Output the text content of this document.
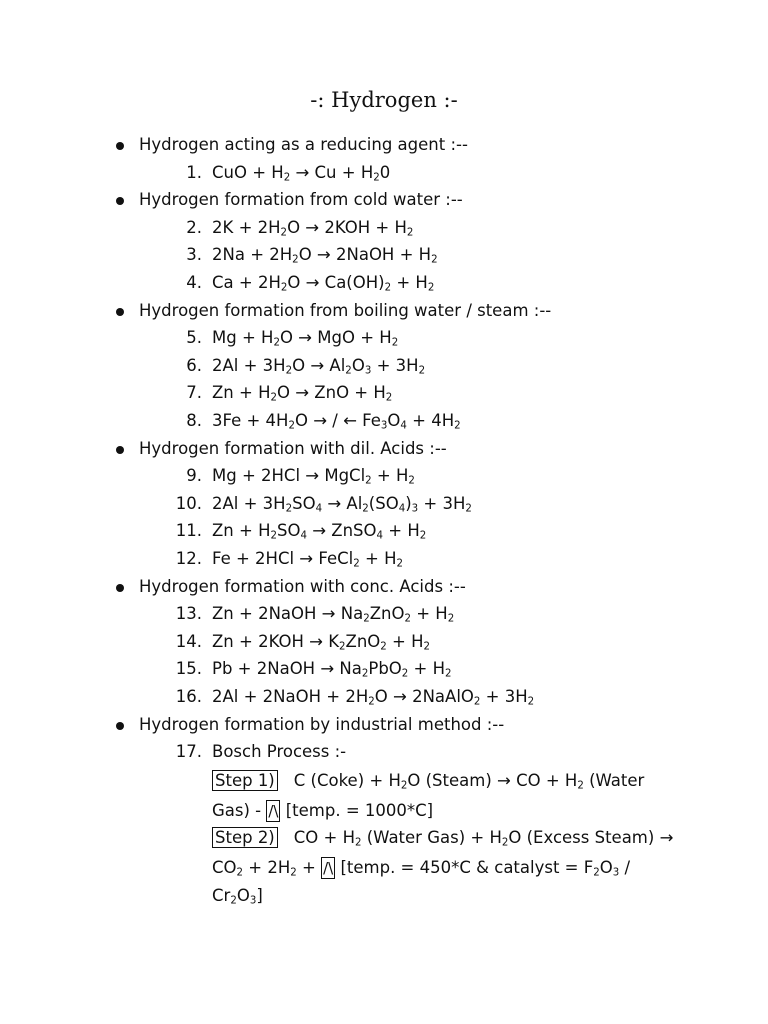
-: Hydrogen :-
Hydrogen acting as a reducing agent :--
1. CuO + $H_2 \to Cu + H_20$
Hydrogen formation from cold water :--
2. $2K + 2H_2O \to 2KOH + H_2$
3. $2Na + 2H_2O$ → 2NaOH + $H_2$
4. $Ca + 2H_2O \to Ca(OH)_2 + H_2$
Hydrogen formation from boiling water / steam :--
5. $Mg + H_2O$ → MgO + $H_2$
6. $2Al + 3H_2O \to Al_2O_3 + 3H_2$
7. $Zn + H_2O$ → ZnO + $H_2$
8. $3Fe + 4H_2O$ → / ← $Fe_3O_4 + 4H_2$
Hydrogen formation with dil. Acids :--
9. Mg + 2HCl → MgCl$_2$ + $H_2$
10. $2Al + 3H_2SO_4 \to Al_2(SO_4)_3 + 3H_2$
11. $Zn + H_2SO_4$ → ZnSO$_4$ + $H_2$
12. Fe + 2HCl → FeCl$_2$ + $H_2$
Hydrogen formation with conc. Acids :--
13. Zn + 2NaOH → $Na_2ZnO_2 + H_2$
14. $Zn + 2KOH \to K_2ZnO_2 + H_2$
15. Pb + 2NaOH → $Na_2PbO_2 + H_2$
16. 2Al + 2NaOH + $2H_2O$ → 2NaAlO$_2$ + $3H_2$
Hydrogen formation by industrial method :--
17. Bosch Process :-
Step 1) C (Coke) + $H_2O$ (Steam) → CO + $H_2$ (Water
Gas) - /\ [temp. = 1000*C]
Step 2) CO + $H_2$ (Water $Gas) + H_2O$ (Excess Steam) →
$CO_2 + 2H_2$ + /\ [temp. = 450*C & catalyst = $F_2O_3$ /
$Cr_2O_3$]
